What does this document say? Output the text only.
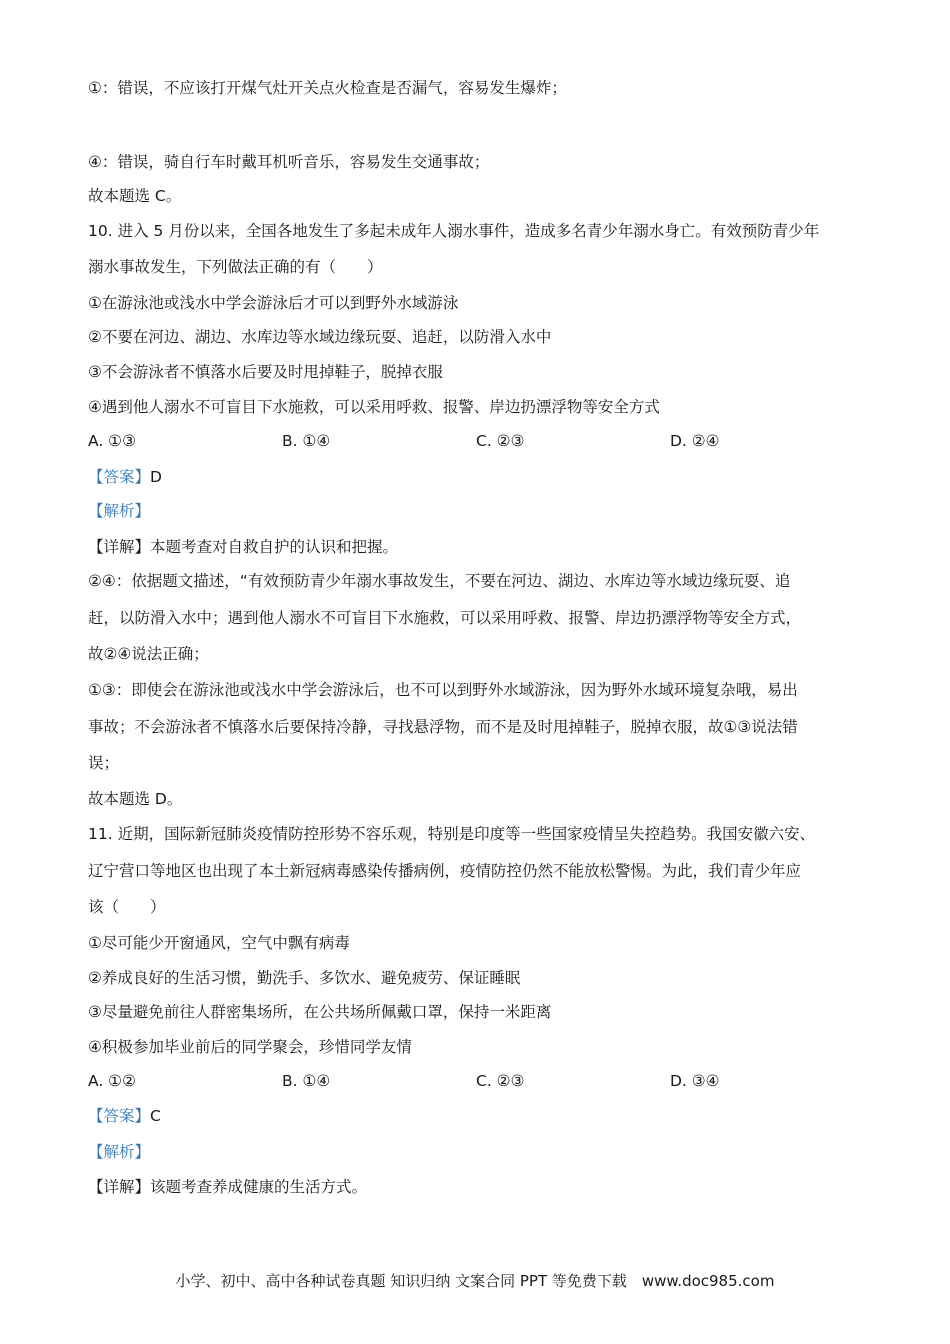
①：错误，不应该打开煤气灶开关点火检查是否漏气，容易发生爆炸；
④：错误，骑自行车时戴耳机听音乐，容易发生交通事故；
故本题选 C。
10. 进入 5 月份以来，全国各地发生了多起未成年人溺水事件，造成多名青少年溺水身亡。有效预防青少年
溺水事故发生，下列做法正确的有（　　）
①在游泳池或浅水中学会游泳后才可以到野外水域游泳
②不要在河边、湖边、水库边等水域边缘玩耍、追赶，以防滑入水中
③不会游泳者不慎落水后要及时甩掉鞋子，脱掉衣服
④遇到他人溺水不可盲目下水施救，可以采用呼救、报警、岸边扔漂浮物等安全方式
A. ①③	B. ①④	C. ②③	D. ②④
【答案】D
【解析】
【详解】本题考查对自救自护的认识和把握。
②④：依据题文描述，“有效预防青少年溺水事故发生，不要在河边、湖边、水库边等水域边缘玩耍、追
赶，以防滑入水中；遇到他人溺水不可盲目下水施救，可以采用呼救、报警、岸边扔漂浮物等安全方式，
故②④说法正确；
①③：即使会在游泳池或浅水中学会游泳后，也不可以到野外水域游泳，因为野外水域环境复杂哦，易出
事故；不会游泳者不慎落水后要保持冷静，寻找悬浮物，而不是及时甩掉鞋子，脱掉衣服，故①③说法错
误；
故本题选 D。
11. 近期，国际新冠肺炎疫情防控形势不容乐观，特别是印度等一些国家疫情呈失控趋势。我国安徽六安、
辽宁营口等地区也出现了本土新冠病毒感染传播病例，疫情防控仍然不能放松警惕。为此，我们青少年应
该（　　）
①尽可能少开窗通风，空气中飘有病毒
②养成良好的生活习惯，勤洗手、多饮水、避免疲劳、保证睡眠
③尽量避免前往人群密集场所，在公共场所佩戴口罩，保持一米距离
④积极参加毕业前后的同学聚会，珍惜同学友情
A. ①②	B. ①④	C. ②③	D. ③④
【答案】C
【解析】
【详解】该题考查养成健康的生活方式。
小学、初中、高中各种试卷真题 知识归纳 文案合同 PPT 等免费下载　www.doc985.com
